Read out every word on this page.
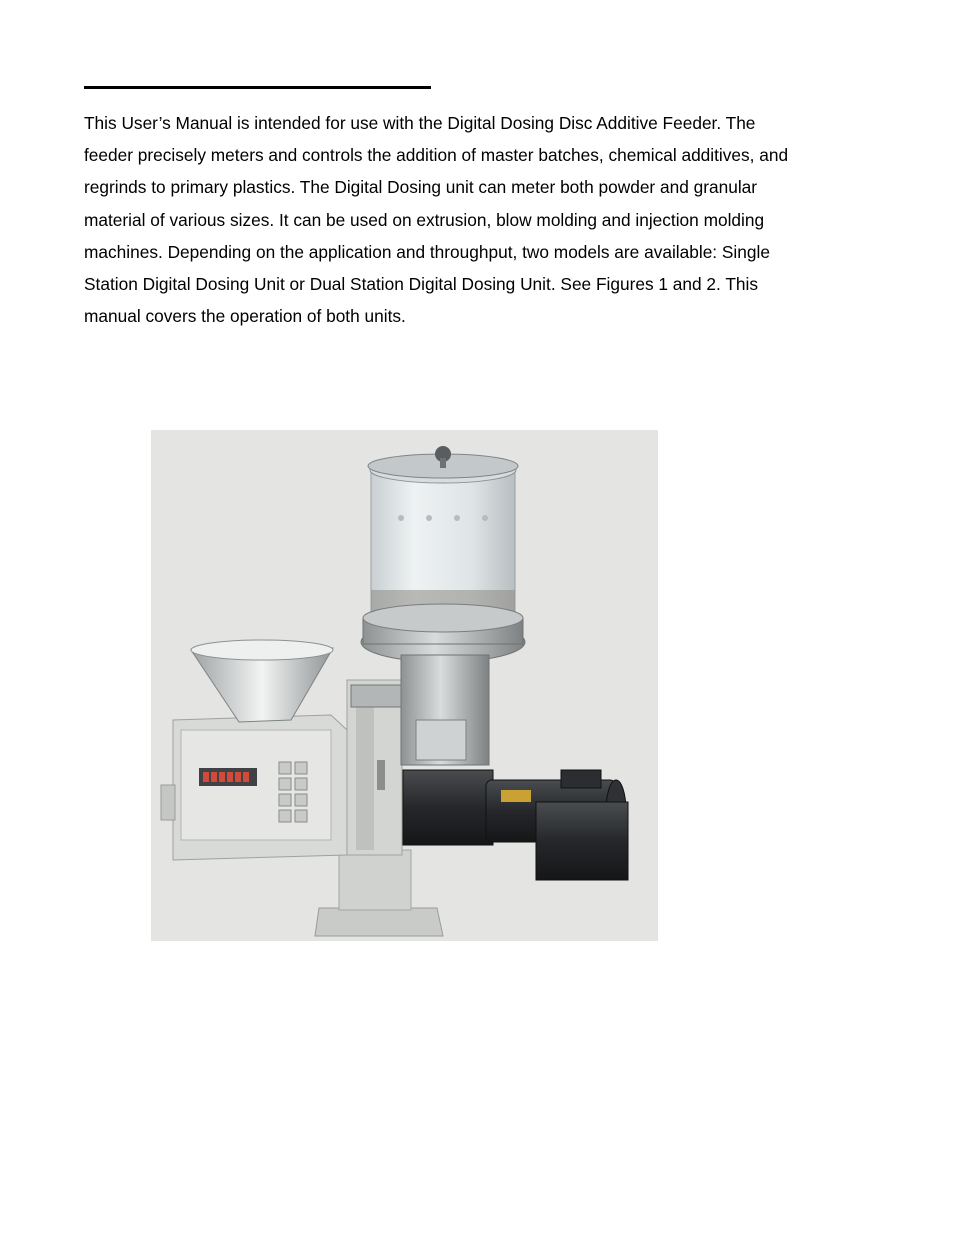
This User’s Manual is intended for use with the Digital Dosing Disc Additive Feeder. The
feeder precisely meters and controls the addition of master batches, chemical additives, and
regrinds to primary plastics. The Digital Dosing unit can meter both powder and granular
material of various sizes. It can be used on extrusion, blow molding and injection molding
machines. Depending on the application and throughput, two models are available: Single
Station Digital Dosing Unit or Dual Station Digital Dosing Unit. See Figures 1 and 2. This
manual covers the operation of both units.
